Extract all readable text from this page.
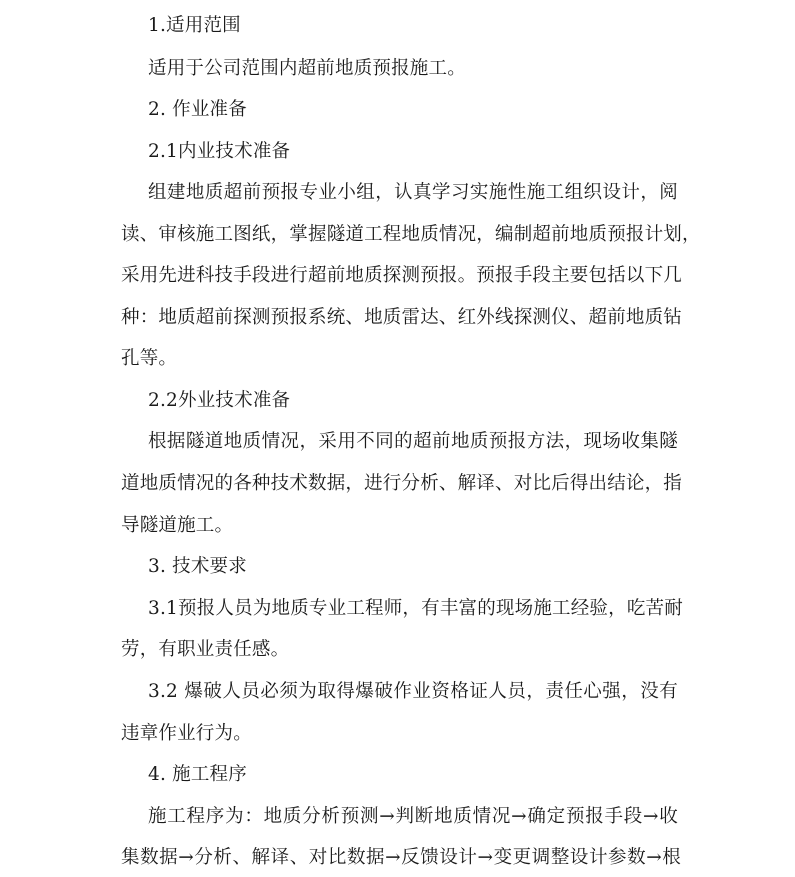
1.适用范围
适用于公司范围内超前地质预报施工。
2. 作业准备
2.1内业技术准备
组建地质超前预报专业小组，认真学习实施性施工组织设计，阅
读、审核施工图纸，掌握隧道工程地质情况，编制超前地质预报计划，
采用先进科技手段进行超前地质探测预报。预报手段主要包括以下几
种：地质超前探测预报系统、地质雷达、红外线探测仪、超前地质钻
孔等。
2.2外业技术准备
根据隧道地质情况，采用不同的超前地质预报方法，现场收集隧
道地质情况的各种技术数据，进行分析、解译、对比后得出结论，指
导隧道施工。
3. 技术要求
3.1预报人员为地质专业工程师，有丰富的现场施工经验，吃苦耐
劳，有职业责任感。
3.2 爆破人员必须为取得爆破作业资格证人员，责任心强，没有
违章作业行为。
4. 施工程序
施工程序为：地质分析预测→判断地质情况→确定预报手段→收
集数据→分析、解译、对比数据→反馈设计→变更调整设计参数→根
